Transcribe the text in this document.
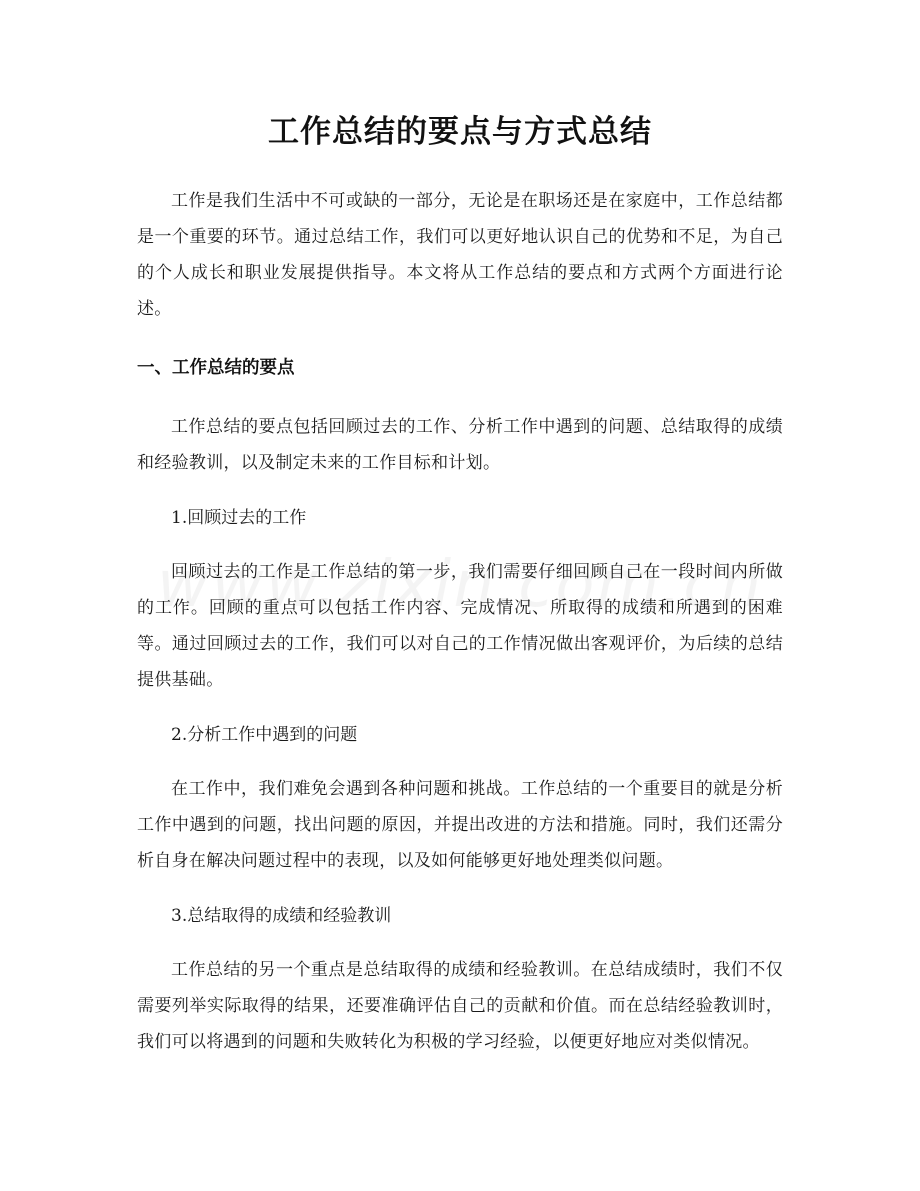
工作总结的要点与方式总结

工作是我们生活中不可或缺的一部分，无论是在职场还是在家庭中，工作总结都是一个重要的环节。通过总结工作，我们可以更好地认识自己的优势和不足，为自己的个人成长和职业发展提供指导。本文将从工作总结的要点和方式两个方面进行论述。

一、工作总结的要点

工作总结的要点包括回顾过去的工作、分析工作中遇到的问题、总结取得的成绩和经验教训，以及制定未来的工作目标和计划。

1.回顾过去的工作

回顾过去的工作是工作总结的第一步，我们需要仔细回顾自己在一段时间内所做的工作。回顾的重点可以包括工作内容、完成情况、所取得的成绩和所遇到的困难等。通过回顾过去的工作，我们可以对自己的工作情况做出客观评价，为后续的总结提供基础。

2.分析工作中遇到的问题

在工作中，我们难免会遇到各种问题和挑战。工作总结的一个重要目的就是分析工作中遇到的问题，找出问题的原因，并提出改进的方法和措施。同时，我们还需分析自身在解决问题过程中的表现，以及如何能够更好地处理类似问题。

3.总结取得的成绩和经验教训

工作总结的另一个重点是总结取得的成绩和经验教训。在总结成绩时，我们不仅需要列举实际取得的结果，还要准确评估自己的贡献和价值。而在总结经验教训时，我们可以将遇到的问题和失败转化为积极的学习经验，以便更好地应对类似情况。
